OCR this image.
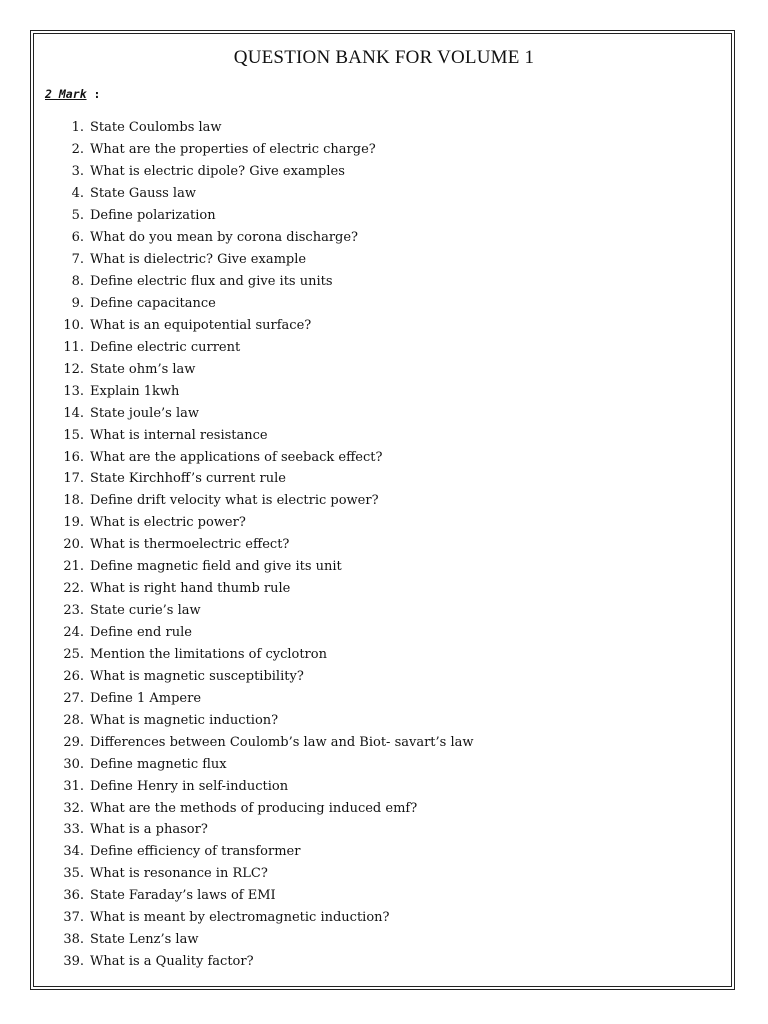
QUESTION BANK FOR VOLUME 1
2 Mark :
1. State Coulombs law
2. What are the properties of electric charge?
3. What is electric dipole? Give examples
4. State Gauss law
5. Define polarization
6. What do you mean by corona discharge?
7. What is dielectric? Give example
8. Define electric flux and give its units
9. Define capacitance
10. What is an equipotential surface?
11. Define electric current
12. State ohm’s law
13. Explain 1kwh
14. State joule’s law
15. What is internal resistance
16. What are the applications of seeback effect?
17. State Kirchhoff’s current rule
18. Define drift velocity what is electric power?
19. What is electric power?
20. What is thermoelectric effect?
21. Define magnetic field and give its unit
22. What is right hand thumb rule
23. State curie’s law
24. Define end rule
25. Mention the limitations of cyclotron
26. What is magnetic susceptibility?
27. Define 1 Ampere
28. What is magnetic induction?
29. Differences between Coulomb’s law and Biot- savart’s law
30. Define magnetic flux
31. Define Henry in self-induction
32. What are the methods of producing induced emf?
33. What is a phasor?
34. Define efficiency of transformer
35. What is resonance in RLC?
36. State Faraday’s laws of EMI
37. What is meant by electromagnetic induction?
38. State Lenz’s law
39. What is a Quality factor?
